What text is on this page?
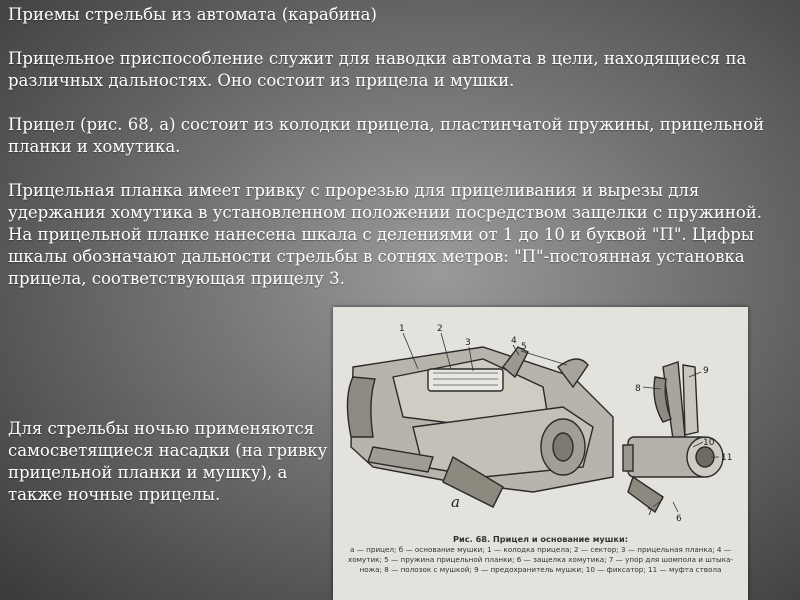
Приемы стрельбы из автомата (карабина)

Прицельное приспособление служит для наводки автомата в цели, находящиеся па различных дальностях. Оно состоит из прицела и мушки.

Прицел (рис. 68, а) состоит из колодки прицела, пластинчатой пружины, прицельной планки и хомутика.

Прицельная планка имеет гривку с прорезью для прицеливания и вырезы для удержания хомутика в установленном положении посредством защелки с пружиной. На прицельной планке нанесена шкала с делениями от 1 до 10 и буквой "П". Цифры шкалы обозначают дальности стрельбы в сотнях метров: "П"-постоянная установка прицела, соответствующая прицелу 3.

1	2
3	4
5
6
7
8
9
10
11
а
Рис. 68. Прицел и основание мушки:
а — прицел; б — основание мушки; 1 — колодка прицела; 2 — сектор; 3 — прицельная планка; 4 — хомутик; 5 — пружина прицельной планки; 6 — защелка хомутика; 7 — упор для шомпола и штыка-ножа; 8 — полозок с мушкой; 9 — предохранитель мушки; 10 — фиксатор; 11 — муфта ствола

Для стрельбы ночью применяются самосветящиеся насадки (на гривку прицельной планки и мушку), а также ночные прицелы.
